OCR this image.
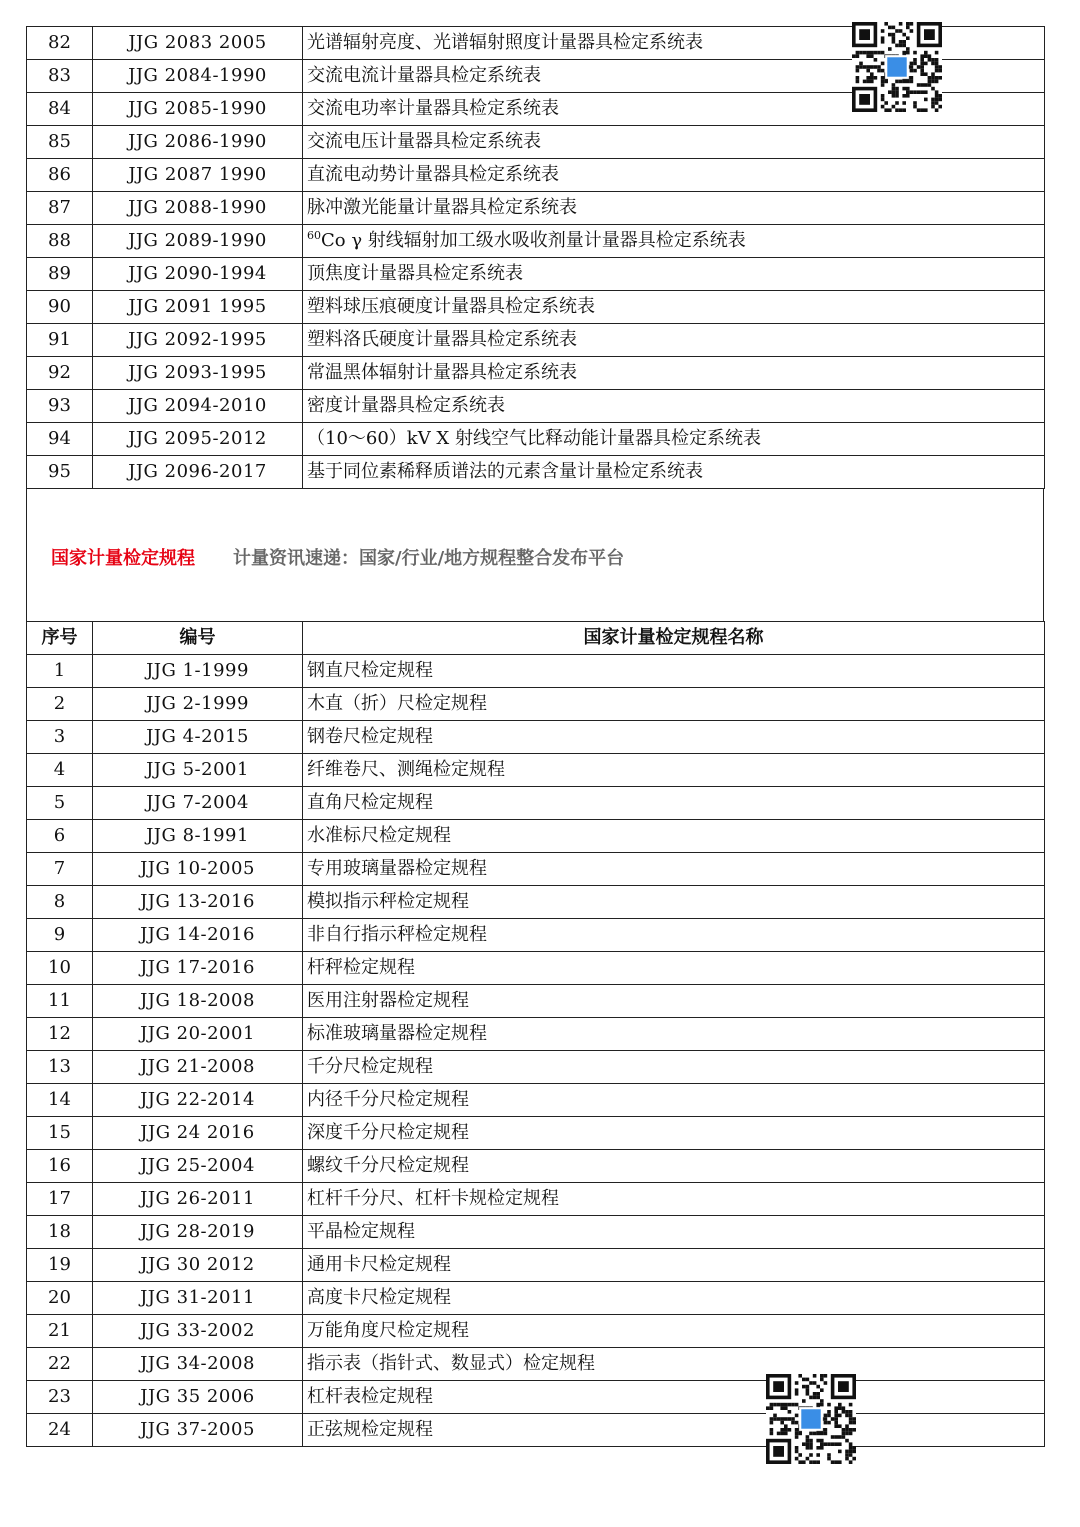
82	JJG 2083 2005	光谱辐射亮度、光谱辐射照度计量器具检定系统表
83	JJG 2084-1990	交流电流计量器具检定系统表
84	JJG 2085-1990	交流电功率计量器具检定系统表
85	JJG 2086-1990	交流电压计量器具检定系统表
86	JJG 2087 1990	直流电动势计量器具检定系统表
87	JJG 2088-1990	脉冲激光能量计量器具检定系统表
88	JJG 2089-1990	$^{60}$Co γ 射线辐射加工级水吸收剂量计量器具检定系统表
89	JJG 2090-1994	顶焦度计量器具检定系统表
90	JJG 2091 1995	塑料球压痕硬度计量器具检定系统表
91	JJG 2092-1995	塑料洛氏硬度计量器具检定系统表
92	JJG 2093-1995	常温黑体辐射计量器具检定系统表
93	JJG 2094-2010	密度计量器具检定系统表
94	JJG 2095-2012	（10～60）kV X 射线空气比释动能计量器具检定系统表
95	JJG 2096-2017	基于同位素稀释质谱法的元素含量计量检定系统表
国家计量检定规程 计量资讯速递：国家/行业/地方规程整合发布平台
序号	编号	国家计量检定规程名称
1	JJG 1-1999	钢直尺检定规程
2	JJG 2-1999	木直（折）尺检定规程
3	JJG 4-2015	钢卷尺检定规程
4	JJG 5-2001	纤维卷尺、测绳检定规程
5	JJG 7-2004	直角尺检定规程
6	JJG 8-1991	水准标尺检定规程
7	JJG 10-2005	专用玻璃量器检定规程
8	JJG 13-2016	模拟指示秤检定规程
9	JJG 14-2016	非自行指示秤检定规程
10	JJG 17-2016	杆秤检定规程
11	JJG 18-2008	医用注射器检定规程
12	JJG 20-2001	标准玻璃量器检定规程
13	JJG 21-2008	千分尺检定规程
14	JJG 22-2014	内径千分尺检定规程
15	JJG 24 2016	深度千分尺检定规程
16	JJG 25-2004	螺纹千分尺检定规程
17	JJG 26-2011	杠杆千分尺、杠杆卡规检定规程
18	JJG 28-2019	平晶检定规程
19	JJG 30 2012	通用卡尺检定规程
20	JJG 31-2011	高度卡尺检定规程
21	JJG 33-2002	万能角度尺检定规程
22	JJG 34-2008	指示表（指针式、数显式）检定规程
23	JJG 35 2006	杠杆表检定规程
24	JJG 37-2005	正弦规检定规程
